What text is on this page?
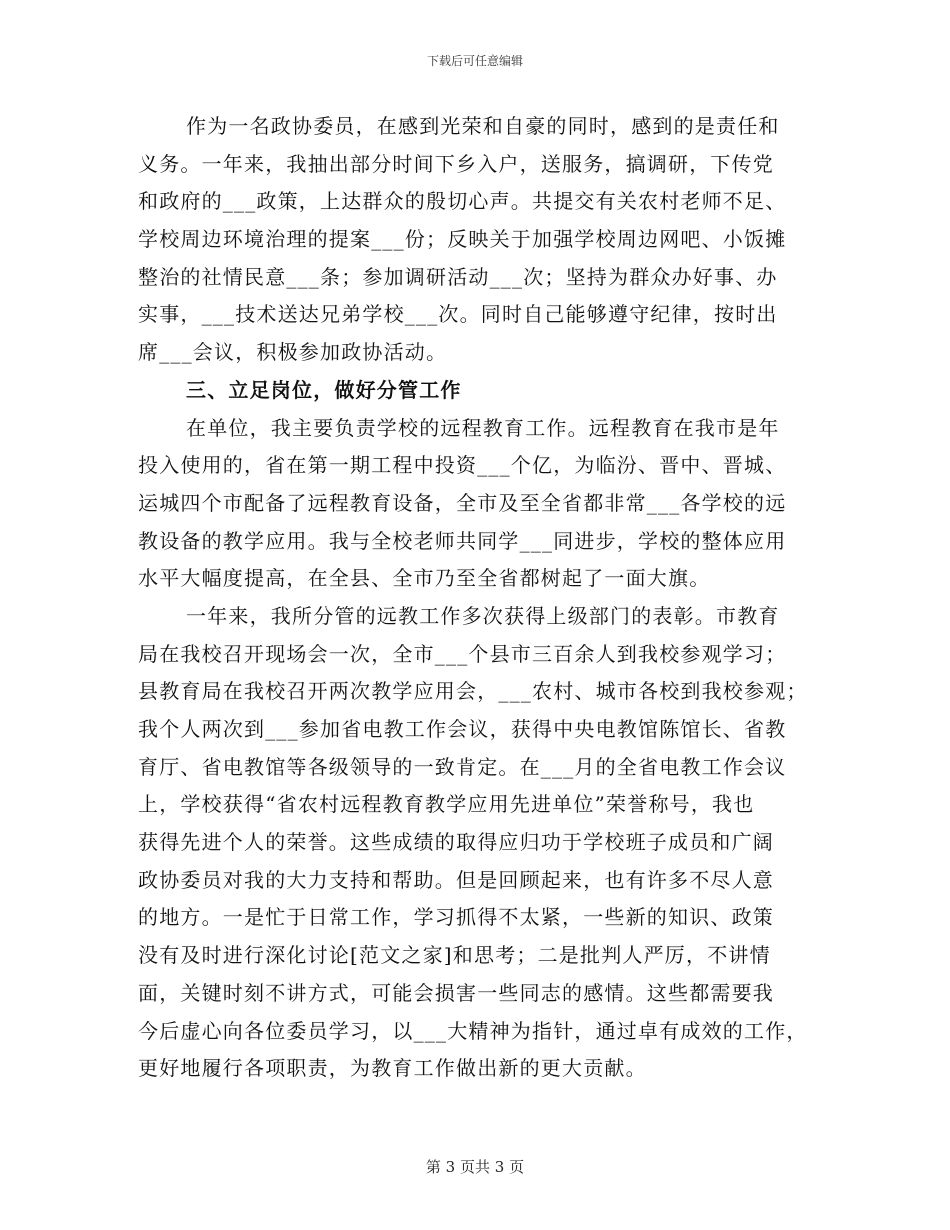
下载后可任意编辑
作为一名政协委员，在感到光荣和自豪的同时，感到的是责任和
义务。一年来，我抽出部分时间下乡入户，送服务，搞调研，下传党
和政府的___政策，上达群众的殷切心声。共提交有关农村老师不足、
学校周边环境治理的提案___份；反映关于加强学校周边网吧、小饭摊
整治的社情民意___条；参加调研活动___次；坚持为群众办好事、办
实事，___技术送达兄弟学校___次。同时自己能够遵守纪律，按时出
席___会议，积极参加政协活动。
三、立足岗位，做好分管工作
在单位，我主要负责学校的远程教育工作。远程教育在我市是年
投入使用的，省在第一期工程中投资___个亿，为临汾、晋中、晋城、
运城四个市配备了远程教育设备，全市及至全省都非常___各学校的远
教设备的教学应用。我与全校老师共同学___同进步，学校的整体应用
水平大幅度提高，在全县、全市乃至全省都树起了一面大旗。
一年来，我所分管的远教工作多次获得上级部门的表彰。市教育
局在我校召开现场会一次，全市___个县市三百余人到我校参观学习；
县教育局在我校召开两次教学应用会，___农村、城市各校到我校参观；
我个人两次到___参加省电教工作会议，获得中央电教馆陈馆长、省教
育厅、省电教馆等各级领导的一致肯定。在___月的全省电教工作会议
上，学校获得“省农村远程教育教学应用先进单位”荣誉称号，我也
获得先进个人的荣誉。这些成绩的取得应归功于学校班子成员和广阔
政协委员对我的大力支持和帮助。但是回顾起来，也有许多不尽人意
的地方。一是忙于日常工作，学习抓得不太紧，一些新的知识、政策
没有及时进行深化讨论[范文之家]和思考；二是批判人严厉，不讲情
面，关键时刻不讲方式，可能会损害一些同志的感情。这些都需要我
今后虚心向各位委员学习，以___大精神为指针，通过卓有成效的工作，
更好地履行各项职责，为教育工作做出新的更大贡献。
第 3 页共 3 页
